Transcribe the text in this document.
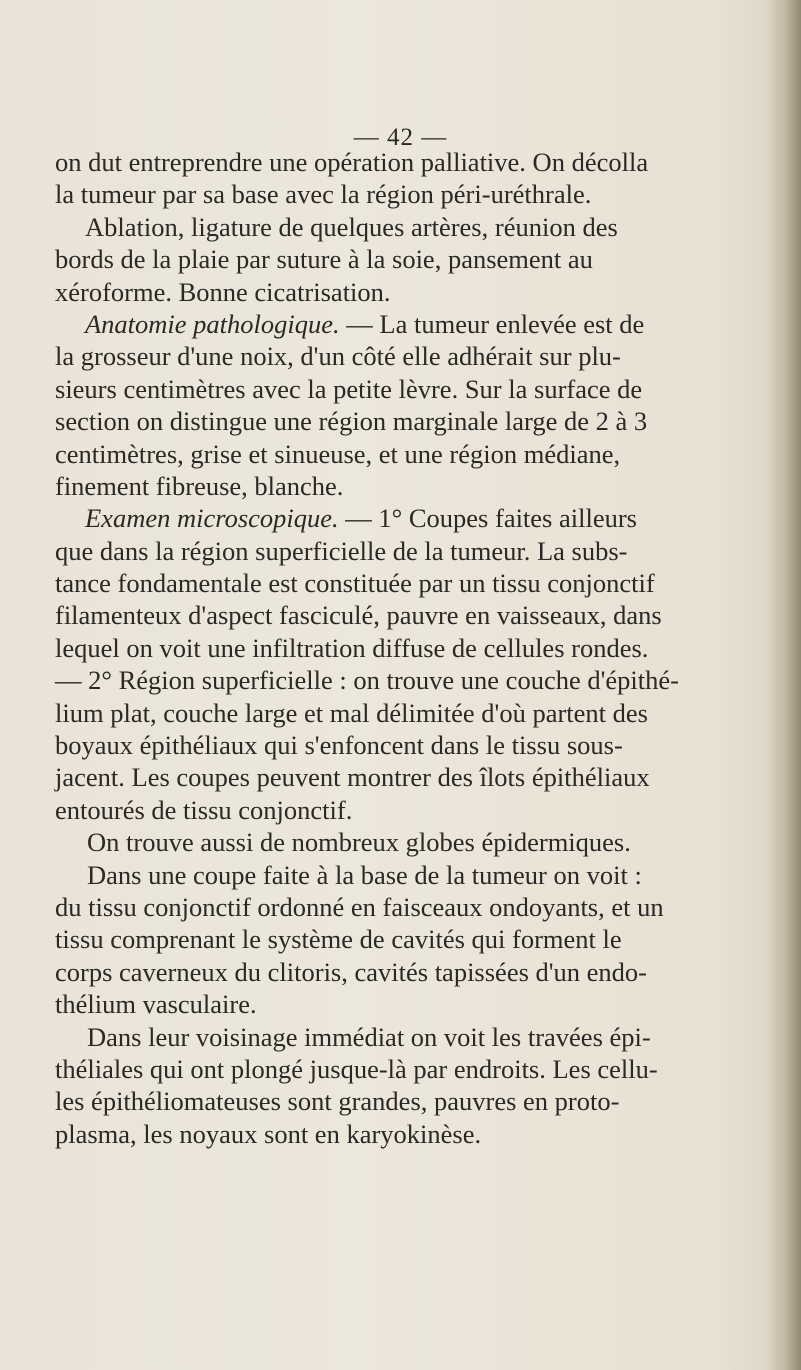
— 42 —
on dut entreprendre une opération palliative. On décolla
la tumeur par sa base avec la région péri-uréthrale.
Ablation, ligature de quelques artères, réunion des
bords de la plaie par suture à la soie, pansement au
xéroforme. Bonne cicatrisation.
Anatomie pathologique. — La tumeur enlevée est de
la grosseur d'une noix, d'un côté elle adhérait sur plu-
sieurs centimètres avec la petite lèvre. Sur la surface de
section on distingue une région marginale large de 2 à 3
centimètres, grise et sinueuse, et une région médiane,
finement fibreuse, blanche.
Examen microscopique. — 1° Coupes faites ailleurs
que dans la région superficielle de la tumeur. La subs-
tance fondamentale est constituée par un tissu conjonctif
filamenteux d'aspect fasciculé, pauvre en vaisseaux, dans
lequel on voit une infiltration diffuse de cellules rondes.
— 2° Région superficielle : on trouve une couche d'épithé-
lium plat, couche large et mal délimitée d'où partent des
boyaux épithéliaux qui s'enfoncent dans le tissu sous-
jacent. Les coupes peuvent montrer des îlots épithéliaux
entourés de tissu conjonctif.
On trouve aussi de nombreux globes épidermiques.
Dans une coupe faite à la base de la tumeur on voit :
du tissu conjonctif ordonné en faisceaux ondoyants, et un
tissu comprenant le système de cavités qui forment le
corps caverneux du clitoris, cavités tapissées d'un endo-
thélium vasculaire.
Dans leur voisinage immédiat on voit les travées épi-
théliales qui ont plongé jusque-là par endroits. Les cellu-
les épithéliomateuses sont grandes, pauvres en proto-
plasma, les noyaux sont en karyokinèse.
